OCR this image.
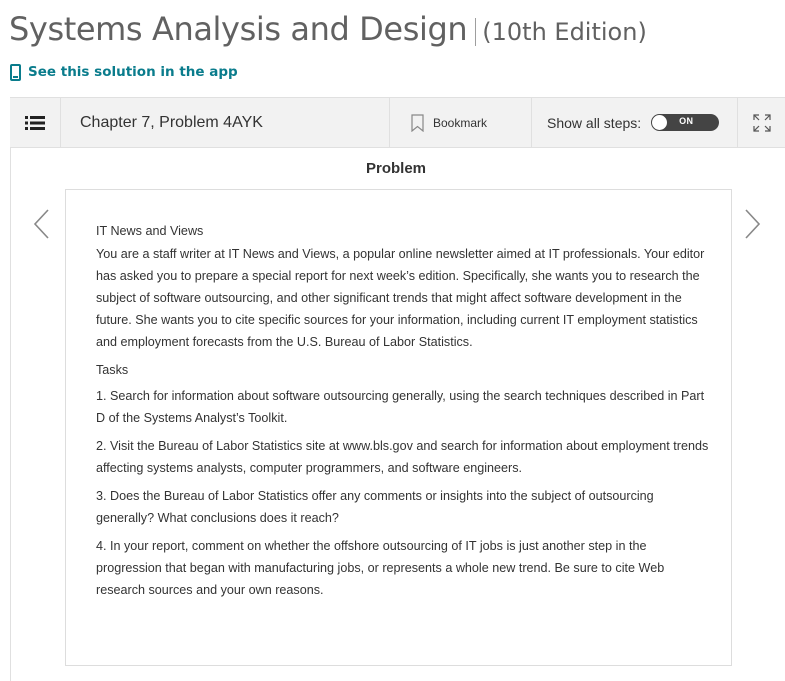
Systems Analysis and Design (10th Edition)
See this solution in the app
Chapter 7, Problem 4AYK	Bookmark	Show all steps:	ON
Problem

IT News and Views

You are a staff writer at IT News and Views, a popular online newsletter aimed at IT professionals. Your editor has asked you to prepare a special report for next week’s edition. Specifically, she wants you to research the subject of software outsourcing, and other significant trends that might affect software development in the future. She wants you to cite specific sources for your information, including current IT employment statistics and employment forecasts from the U.S. Bureau of Labor Statistics.

Tasks

1. Search for information about software outsourcing generally, using the search techniques described in Part D of the Systems Analyst’s Toolkit.

2. Visit the Bureau of Labor Statistics site at www.bls.gov and search for information about employment trends affecting systems analysts, computer programmers, and software engineers.

3. Does the Bureau of Labor Statistics offer any comments or insights into the subject of outsourcing generally? What conclusions does it reach?

4. In your report, comment on whether the offshore outsourcing of IT jobs is just another step in the progression that began with manufacturing jobs, or represents a whole new trend. Be sure to cite Web research sources and your own reasons.
